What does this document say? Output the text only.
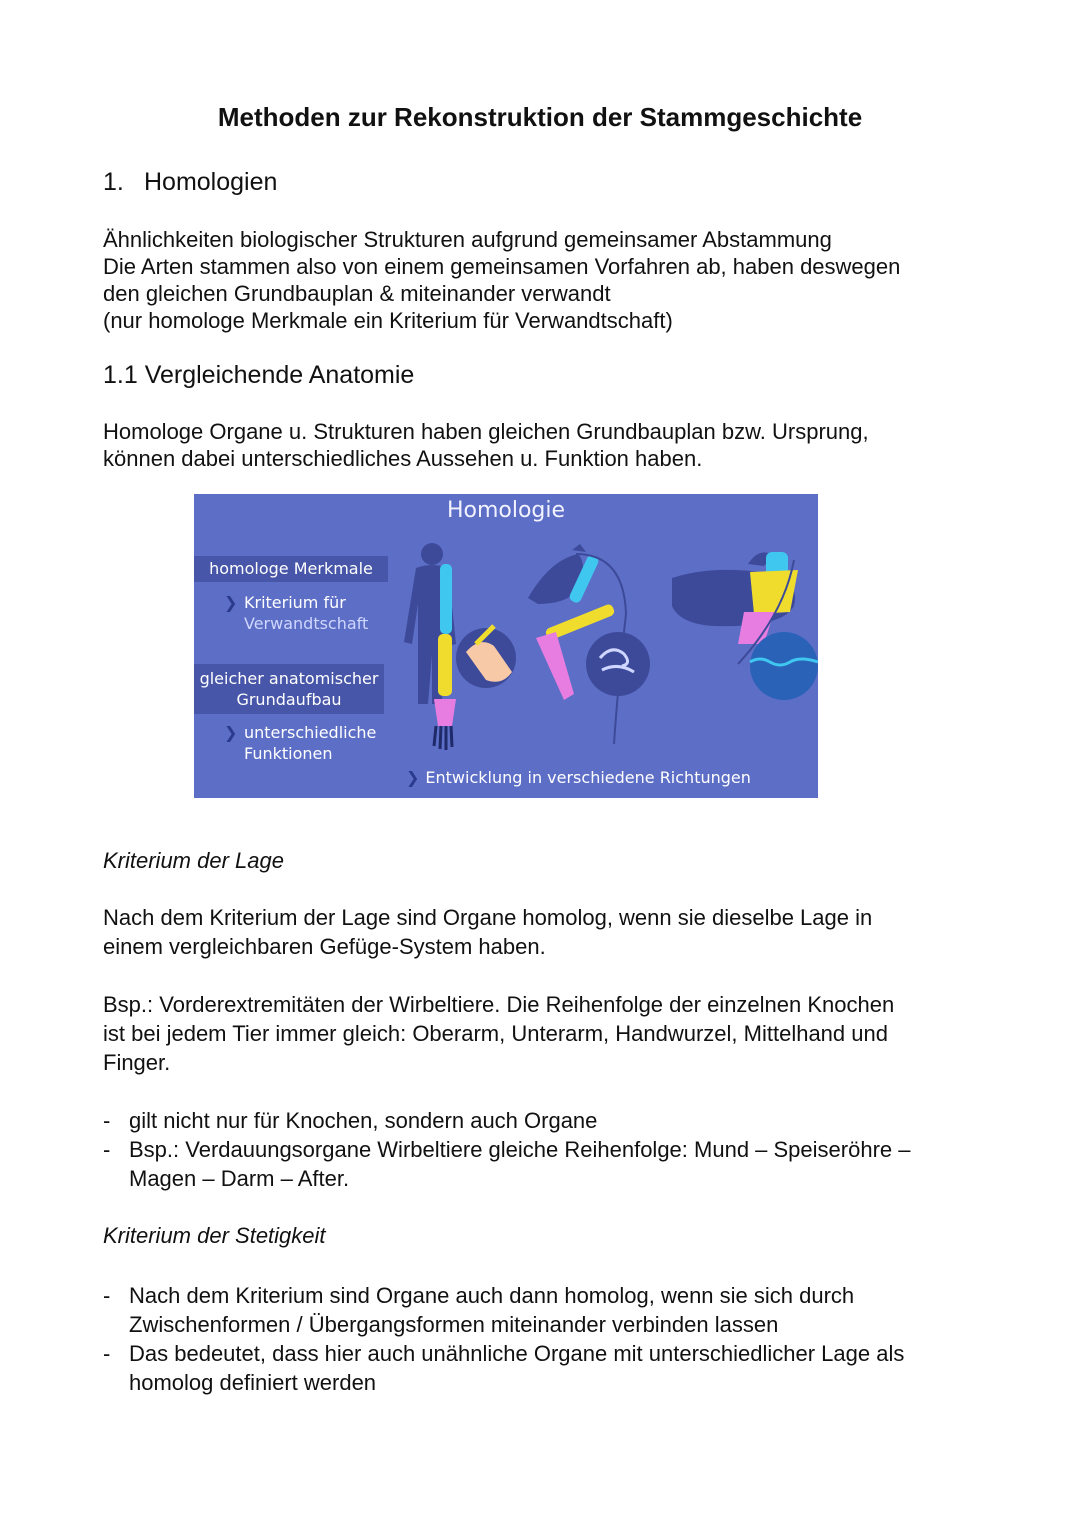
Methoden zur Rekonstruktion der Stammgeschichte
1. Homologien

Ähnlichkeiten biologischer Strukturen aufgrund gemeinsamer Abstammung
Die Arten stammen also von einem gemeinsamen Vorfahren ab, haben deswegen
den gleichen Grundbauplan & miteinander verwandt
(nur homologe Merkmale ein Kriterium für Verwandtschaft)

1.1 Vergleichende Anatomie

Homologe Organe u. Strukturen haben gleichen Grundbauplan bzw. Ursprung,
können dabei unterschiedliches Aussehen u. Funktion haben.

Homologie
homologe Merkmale
❯ Kriterium für
Verwandtschaft
gleicher anatomischer
Grundaufbau
❯ unterschiedliche
Funktionen
❯ Entwicklung in verschiedene Richtungen

Kriterium der Lage

Nach dem Kriterium der Lage sind Organe homolog, wenn sie dieselbe Lage in
einem vergleichbaren Gefüge-System haben.

Bsp.: Vorderextremitäten der Wirbeltiere. Die Reihenfolge der einzelnen Knochen
ist bei jedem Tier immer gleich: Oberarm, Unterarm, Handwurzel, Mittelhand und
Finger.

- gilt nicht nur für Knochen, sondern auch Organe
- Bsp.: Verdauungsorgane Wirbeltiere gleiche Reihenfolge: Mund – Speiseröhre –
Magen – Darm – After.

Kriterium der Stetigkeit

- Nach dem Kriterium sind Organe auch dann homolog, wenn sie sich durch
Zwischenformen / Übergangsformen miteinander verbinden lassen
- Das bedeutet, dass hier auch unähnliche Organe mit unterschiedlicher Lage als
homolog definiert werden
